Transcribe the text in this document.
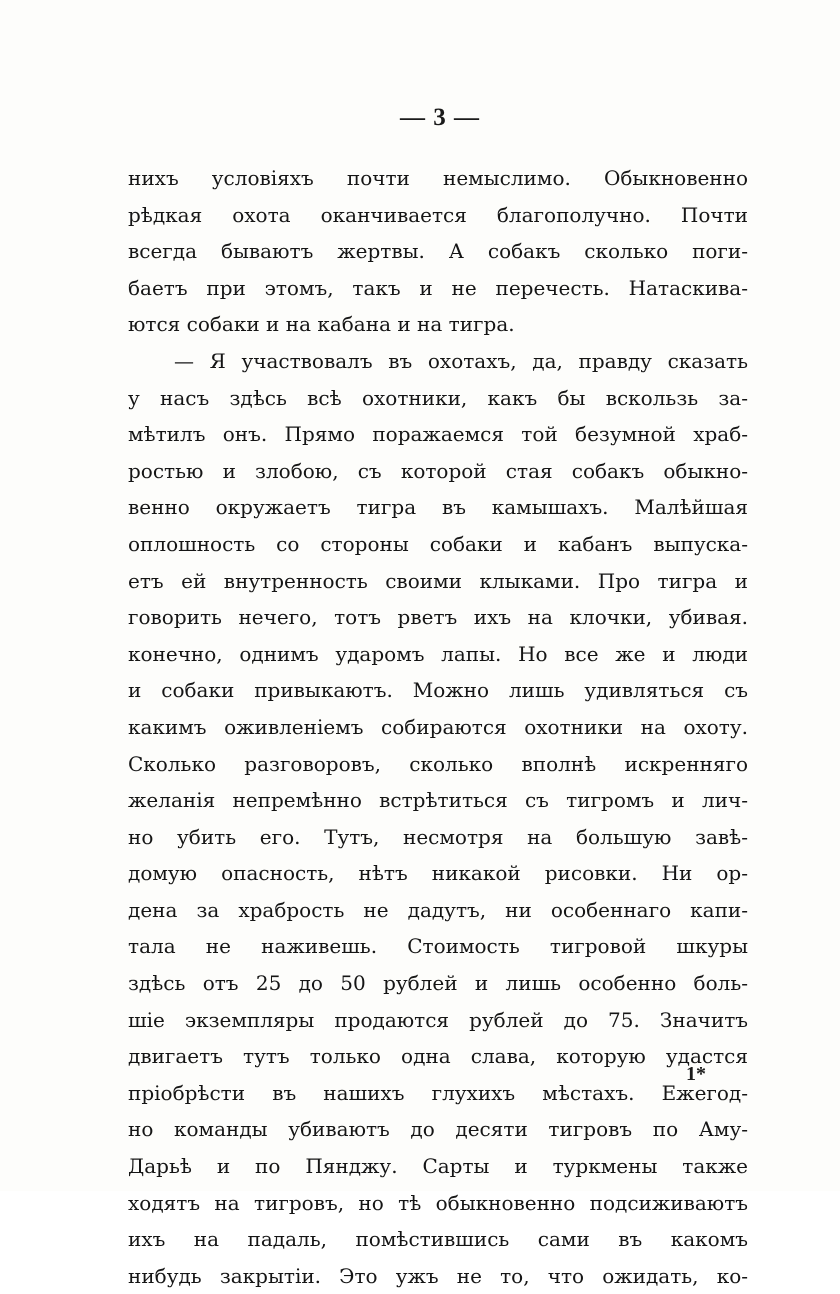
— 3 —
нихъ условіяхъ почти немыслимо. Обыкновенно
рѣдкая охота оканчивается благополучно. Почти
всегда бываютъ жертвы. А собакъ сколько поги-
баетъ при этомъ, такъ и не перечесть. Натаскива-
ются собаки и на кабана и на тигра.
— Я участвовалъ въ охотахъ, да, правду сказать
у насъ здѣсь всѣ охотники, какъ бы вскользь за-
мѣтилъ онъ. Прямо поражаемся той безумной храб-
ростью и злобою, съ которой стая собакъ обыкно-
венно окружаетъ тигра въ камышахъ. Малѣйшая
оплошность со стороны собаки и кабанъ выпуска-
етъ ей внутренность своими клыками. Про тигра и
говорить нечего, тотъ рветъ ихъ на клочки, убивая.
конечно, однимъ ударомъ лапы. Но все же и люди
и собаки привыкаютъ. Можно лишь удивляться съ
какимъ оживленіемъ собираются охотники на охоту.
Сколько разговоровъ, сколько вполнѣ искренняго
желанія непремѣнно встрѣтиться съ тигромъ и лич-
но убить его. Тутъ, несмотря на большую завѣ-
домую опасность, нѣтъ никакой рисовки. Ни ор-
дена за храбрость не дадутъ, ни особеннаго капи-
тала не наживешь. Стоимость тигровой шкуры
здѣсь отъ 25 до 50 рублей и лишь особенно боль-
шіе экземпляры продаются рублей до 75. Значитъ
двигаетъ тутъ только одна слава, которую удастся
пріобрѣсти въ нашихъ глухихъ мѣстахъ. Ежегод-
но команды убиваютъ до десяти тигровъ по Аму-
Дарьѣ и по Пянджу. Сарты и туркмены также
ходятъ на тигровъ, но тѣ обыкновенно подсиживаютъ
ихъ на падаль, помѣстившись сами въ какомъ
нибудь закрытіи. Это ужъ не то, что ожидать, ко-
1*
